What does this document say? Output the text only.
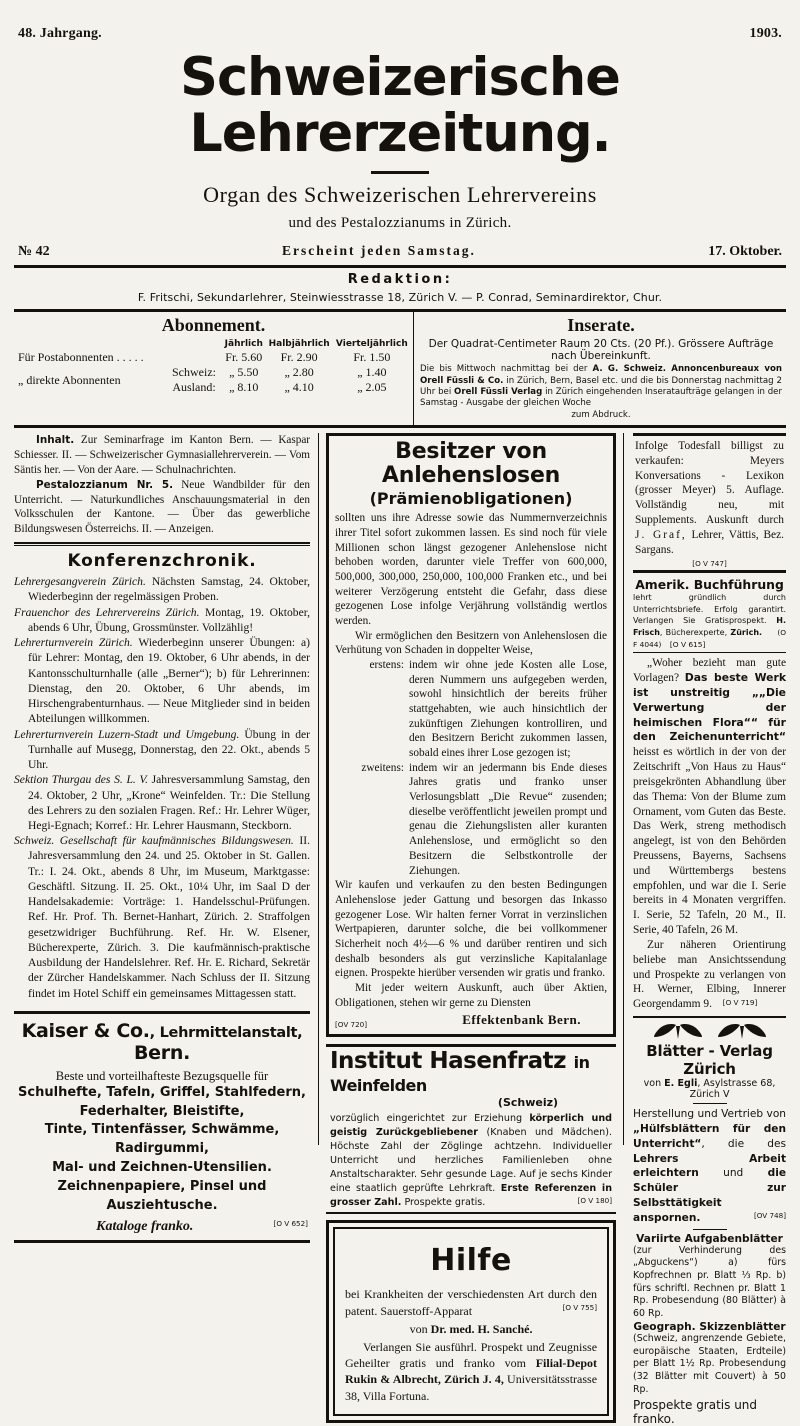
48. Jahrgang.	1903.
Schweizerische Lehrerzeitung.
Organ des Schweizerischen Lehrervereins
und des Pestalozzianums in Zürich.
№ 42	Erscheint jeden Samstag.	17. Oktober.
Redaktion:
F. Fritschi, Sekundarlehrer, Steinwiesstrasse 18, Zürich V. — P. Conrad, Seminardirektor, Chur.
Abonnement.
		Jährlich	Halbjährlich	Vierteljährlich
Für Postabonnenten . . . . .		Fr. 5.60	Fr. 2.90	Fr. 1.50
„ direkte Abonnenten	Schweiz:	„ 5.50	„ 2.80	„ 1.40
	Ausland:	„ 8.10	„ 4.10	„ 2.05
Inserate.
Der Quadrat-Centimeter Raum 20 Cts. (20 Pf.). Grössere Aufträge nach Übereinkunft.
Die bis Mittwoch nachmittag bei der A. G. Schweiz. Annoncenbureaux von Orell Füssli & Co. in Zürich, Bern, Basel etc. und die bis Donnerstag nachmittag 2 Uhr bei Orell Füssli Verlag in Zürich eingehenden Inserataufträge gelangen in der Samstag - Ausgabe der gleichen Woche
zum Abdruck.

Inhalt. Zur Seminarfrage im Kanton Bern. — Kaspar Schiesser. II. — Schweizerischer Gymnasiallehrerverein. — Vom Säntis her. — Von der Aare. — Schulnachrichten.

Pestalozzianum Nr. 5. Neue Wandbilder für den Unterricht. — Naturkundliches Anschauungsmaterial in den Volksschulen der Kantone. — Über das gewerbliche Bildungswesen Österreichs. II. — Anzeigen.

Konferenzchronik.

Lehrergesangverein Zürich. Nächsten Samstag, 24. Oktober, Wiederbeginn der regelmässigen Proben.

Frauenchor des Lehrervereins Zürich. Montag, 19. Oktober, abends 6 Uhr, Übung, Grossmünster. Vollzählig!

Lehrerturnverein Zürich. Wiederbeginn unserer Übungen: a) für Lehrer: Montag, den 19. Oktober, 6 Uhr abends, in der Kantonsschulturnhalle (alle „Berner“); b) für Lehrerinnen: Dienstag, den 20. Oktober, 6 Uhr abends, im Hirschengrabenturnhaus. — Neue Mitglieder sind in beiden Abteilungen willkommen.

Lehrerturnverein Luzern-Stadt und Umgebung. Übung in der Turnhalle auf Musegg, Donnerstag, den 22. Okt., abends 5 Uhr.

Sektion Thurgau des S. L. V. Jahresversammlung Samstag, den 24. Oktober, 2 Uhr, „Krone“ Weinfelden. Tr.: Die Stellung des Lehrers zu den sozialen Fragen. Ref.: Hr. Lehrer Wüger, Hegi-Egnach; Korref.: Hr. Lehrer Hausmann, Steckborn.

Schweiz. Gesellschaft für kaufmännisches Bildungswesen. II. Jahresversammlung den 24. und 25. Oktober in St. Gallen. Tr.: I. 24. Okt., abends 8 Uhr, im Museum, Marktgasse: Geschäftl. Sitzung. II. 25. Okt., 10¼ Uhr, im Saal D der Handelsakademie: Vorträge: 1. Handelsschul-Prüfungen. Ref. Hr. Prof. Th. Bernet-Hanhart, Zürich. 2. Straffolgen gesetzwidriger Buchführung. Ref. Hr. W. Elsener, Bücherexperte, Zürich. 3. Die kaufmännisch-praktische Ausbildung der Handelslehrer. Ref. Hr. E. Richard, Sekretär der Zürcher Handelskammer. Nach Schluss der II. Sitzung findet im Hotel Schiff ein gemeinsames Mittagessen statt.

Kaiser & Co., Lehrmittelanstalt, Bern.
Beste und vorteilhafteste Bezugsquelle für
Schulhefte, Tafeln, Griffel, Stahlfedern,
Federhalter, Bleistifte,
Tinte, Tintenfässer, Schwämme, Radirgummi,
Mal- und Zeichnen-Utensilien.
Zeichnenpapiere, Pinsel und Ausziehtusche.
Kataloge franko.	[O V 652]
Besitzer von Anlehenslosen
(Prämienobligationen)

sollten uns ihre Adresse sowie das Nummernverzeichnis ihrer Titel sofort zukommen lassen. Es sind noch für viele Millionen schon längst gezogener Anlehenslose nicht behoben worden, darunter viele Treffer von 600,000, 500,000, 300,000, 250,000, 100,000 Franken etc., und bei weiterer Verzögerung entsteht die Gefahr, dass diese gezogenen Lose infolge Verjährung vollständig wertlos werden.

Wir ermöglichen den Besitzern von Anlehenslosen die Verhütung von Schaden in doppelter Weise,

erstens: indem wir ohne jede Kosten alle Lose, deren Nummern uns aufgegeben werden, sowohl hinsichtlich der bereits früher stattgehabten, wie auch hinsichtlich der zukünftigen Ziehungen kontrolliren, und den Besitzern Bericht zukommen lassen, sobald eines ihrer Lose gezogen ist;
zweitens: indem wir an jedermann bis Ende dieses Jahres gratis und franko unser Verlosungsblatt „Die Revue“ zusenden; dieselbe veröffentlicht jeweilen prompt und genau die Ziehungslisten aller kuranten Anlehenslose, und ermöglicht so den Besitzern die Selbstkontrolle der Ziehungen.

Wir kaufen und verkaufen zu den besten Bedingungen Anlehenslose jeder Gattung und besorgen das Inkasso gezogener Lose. Wir halten ferner Vorrat in verzinslichen Wertpapieren, darunter solche, die bei vollkommener Sicherheit noch 4½—6 % und darüber rentiren und sich deshalb besonders als gut verzinsliche Kapitalanlage eignen. Prospekte hierüber versenden wir gratis und franko.

Mit jeder weitern Auskunft, auch über Aktien, Obligationen, stehen wir gerne zu Diensten

[OV 720]	Effektenbank Bern.
Institut Hasenfratz in Weinfelden
(Schweiz)
vorzüglich eingerichtet zur Erziehung körperlich und geistig Zurückgebliebener (Knaben und Mädchen). Höchste Zahl der Zöglinge achtzehn. Individueller Unterricht und herzliches Familienleben ohne Anstaltscharakter. Sehr gesunde Lage. Auf je sechs Kinder eine staatlich geprüfte Lehrkraft. Erste Referenzen in grosser Zahl. Prospekte gratis.	[O V 180]
Hilfe
bei Krankheiten der verschiedensten Art durch den patent. Sauerstoff-Apparat	[O V 755]
von Dr. med. H. Sanché.
Verlangen Sie ausführl. Prospekt und Zeugnisse Geheilter gratis und franko vom Filial-Depot Rukin & Albrecht, Zürich J. 4, Universitätsstrasse 38, Villa Fortuna.
Infolge Todesfall billigst zu verkaufen: Meyers Konversations - Lexikon (grosser Meyer) 5. Auflage. Vollständig neu, mit Supplements. Auskunft durch J. Graf, Lehrer, Vättis, Bez. Sargans.
[O V 747]
Amerik. Buchführung
lehrt gründlich durch Unterrichtsbriefe. Erfolg garantirt. Verlangen Sie Gratisprospekt. H. Frisch, Bücherexperte, Zürich. (O F 4044) [O V 615]
„Woher bezieht man gute Vorlagen? Das beste Werk ist unstreitig „„Die Verwertung der heimischen Flora““ für den Zeichenunterricht“ heisst es wörtlich in der von der Zeitschrift „Von Haus zu Haus“ preisgekrönten Abhandlung über das Thema: Von der Blume zum Ornament, vom Guten das Beste. Das Werk, streng methodisch angelegt, ist von den Behörden Preussens, Bayerns, Sachsens und Württembergs bestens empfohlen, und war die I. Serie bereits in 4 Monaten vergriffen. I. Serie, 52 Tafeln, 20 M., II. Serie, 40 Tafeln, 26 M.
Zur näheren Orientirung beliebe man Ansichtssendung und Prospekte zu verlangen von H. Werner, Elbing, Innerer Georgendamm 9. [O V 719]

Blätter - Verlag Zürich
von E. Egli, Asylstrasse 68, Zürich V
Herstellung und Vertrieb von „Hülfsblättern für den Unterricht“, die des Lehrers Arbeit erleichtern und die Schüler zur Selbsttätigkeit anspornen.	[OV 748]
Variirte Aufgabenblätter
(zur Verhinderung des „Abguckens“) a) fürs Kopfrechnen pr. Blatt ⅓ Rp. b) fürs schriftl. Rechnen pr. Blatt 1 Rp. Probesendung (80 Blätter) à 60 Rp.
Geograph. Skizzenblätter
(Schweiz, angrenzende Gebiete, europäische Staaten, Erdteile) per Blatt 1½ Rp. Probesendung (32 Blätter mit Couvert) à 50 Rp.
Prospekte gratis und franko.
